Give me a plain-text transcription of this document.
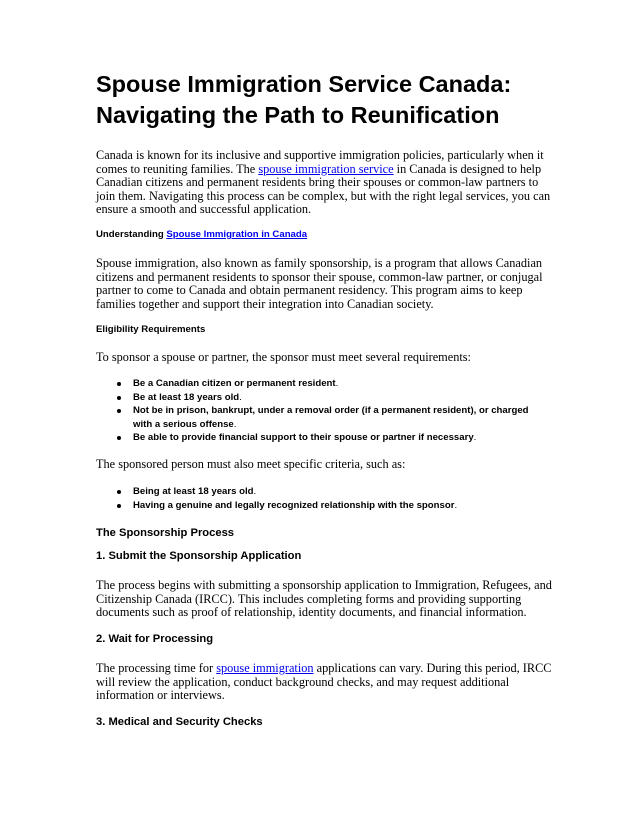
Spouse Immigration Service Canada:
Navigating the Path to Reunification

Canada is known for its inclusive and supportive immigration policies, particularly when it
comes to reuniting families. The spouse immigration service in Canada is designed to help
Canadian citizens and permanent residents bring their spouses or common-law partners to
join them. Navigating this process can be complex, but with the right legal services, you can
ensure a smooth and successful application.

Understanding Spouse Immigration in Canada

Spouse immigration, also known as family sponsorship, is a program that allows Canadian
citizens and permanent residents to sponsor their spouse, common-law partner, or conjugal
partner to come to Canada and obtain permanent residency. This program aims to keep
families together and support their integration into Canadian society.

Eligibility Requirements

To sponsor a spouse or partner, the sponsor must meet several requirements:

Be a Canadian citizen or permanent resident.
Be at least 18 years old.
Not be in prison, bankrupt, under a removal order (if a permanent resident), or charged
with a serious offense.
Be able to provide financial support to their spouse or partner if necessary.

The sponsored person must also meet specific criteria, such as:

Being at least 18 years old.
Having a genuine and legally recognized relationship with the sponsor.
The Sponsorship Process
1. Submit the Sponsorship Application

The process begins with submitting a sponsorship application to Immigration, Refugees, and
Citizenship Canada (IRCC). This includes completing forms and providing supporting
documents such as proof of relationship, identity documents, and financial information.

2. Wait for Processing

The processing time for spouse immigration applications can vary. During this period, IRCC
will review the application, conduct background checks, and may request additional
information or interviews.

3. Medical and Security Checks
